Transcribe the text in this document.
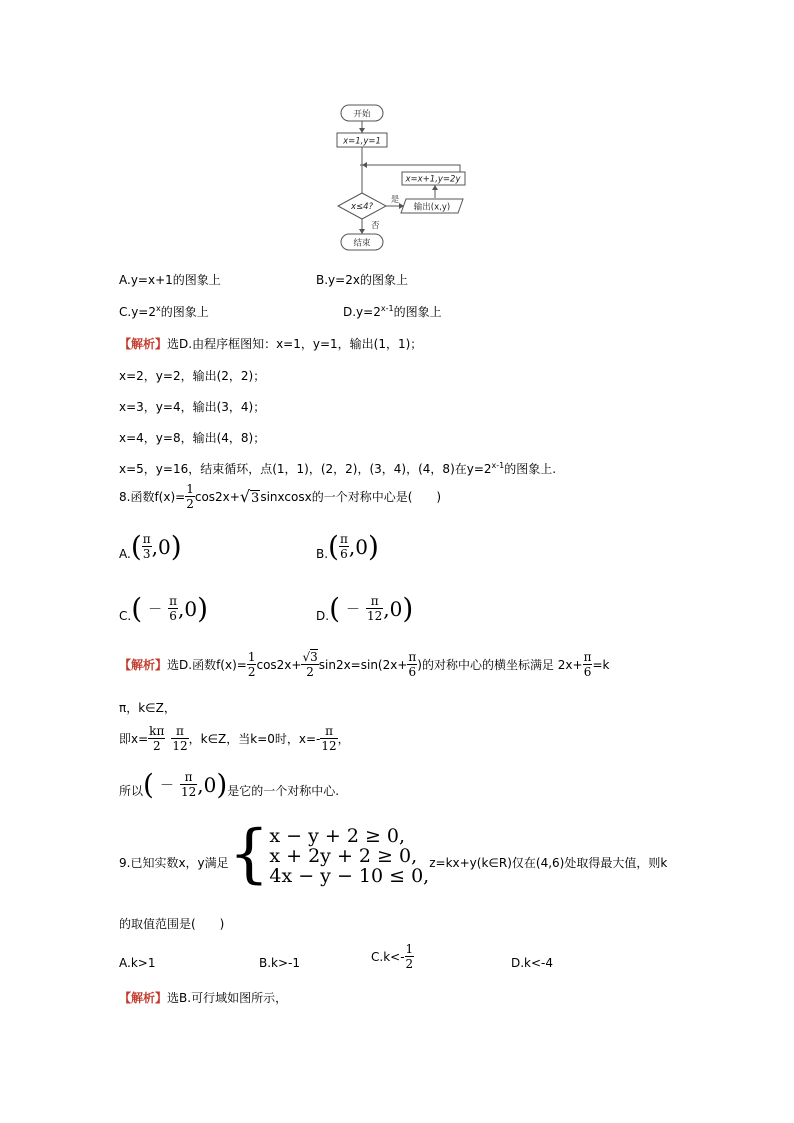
开始
x=1,y=1
x=x+1,y=2y
x≤4?
是
输出(x,y)
否
结束
A.y=x+1的图象上	B.y=2x的图象上
$C.y=2^x$的图象上	$D.y=2^{x-1}$的图象上
【解析】选D.由程序框图知：x=1，y=1，输出(1，1)；
x=2，y=2，输出(2，2)；
x=3，y=4，输出(3，4)；
x=4，y=8，输出(4，8)；
x=5，y=16，结束循环，点(1，1)，(2，2)，(3，4)，(4，8)在$y=2^{x-1}$的图象上.
8.函数$f(x)= \frac{1}{2} \cos 2x+ √3$ sinxcosx的一个对称中心是(　　)
A. ( $\frac{\pi}{3} ,0$ )	B. ( $\frac{\pi}{6} ,0$ )
C. ( － $\frac{\pi}{6} ,0$ )	D. ( － $\frac{\pi}{12} ,0$ )
【解析】 选D.函数$f(x)= \frac{1}{2} \cos 2x+ \frac{√3}{2} \sin 2x=\sin(2x+ \frac{\pi}{6}$ )的对称中心的横坐标满足 $2x+ \frac{\pi}{6} =k$
π，k∈Z，
即$x= \frac{k\pi}{2} \frac{\pi}{12}$ ，k∈Z，当k=0时，$x=- \frac{\pi}{12}$ ，
所以 ( － $\frac{\pi}{12} ,0$ ) 是它的一个对称中心.
9.已知实数x，y满足 { x − y + 2 ≥ 0,
x + 2y + 2 ≥ 0,
4x − y − 10 ≤ 0,
z=kx+y(k∈R)仅在(4,6)处取得最大值，则k
的取值范围是(　　)
A.k>1	B.k>-1	$C.k<- \frac{1}{2}$	D.k<-4
【解析】选B.可行域如图所示，
